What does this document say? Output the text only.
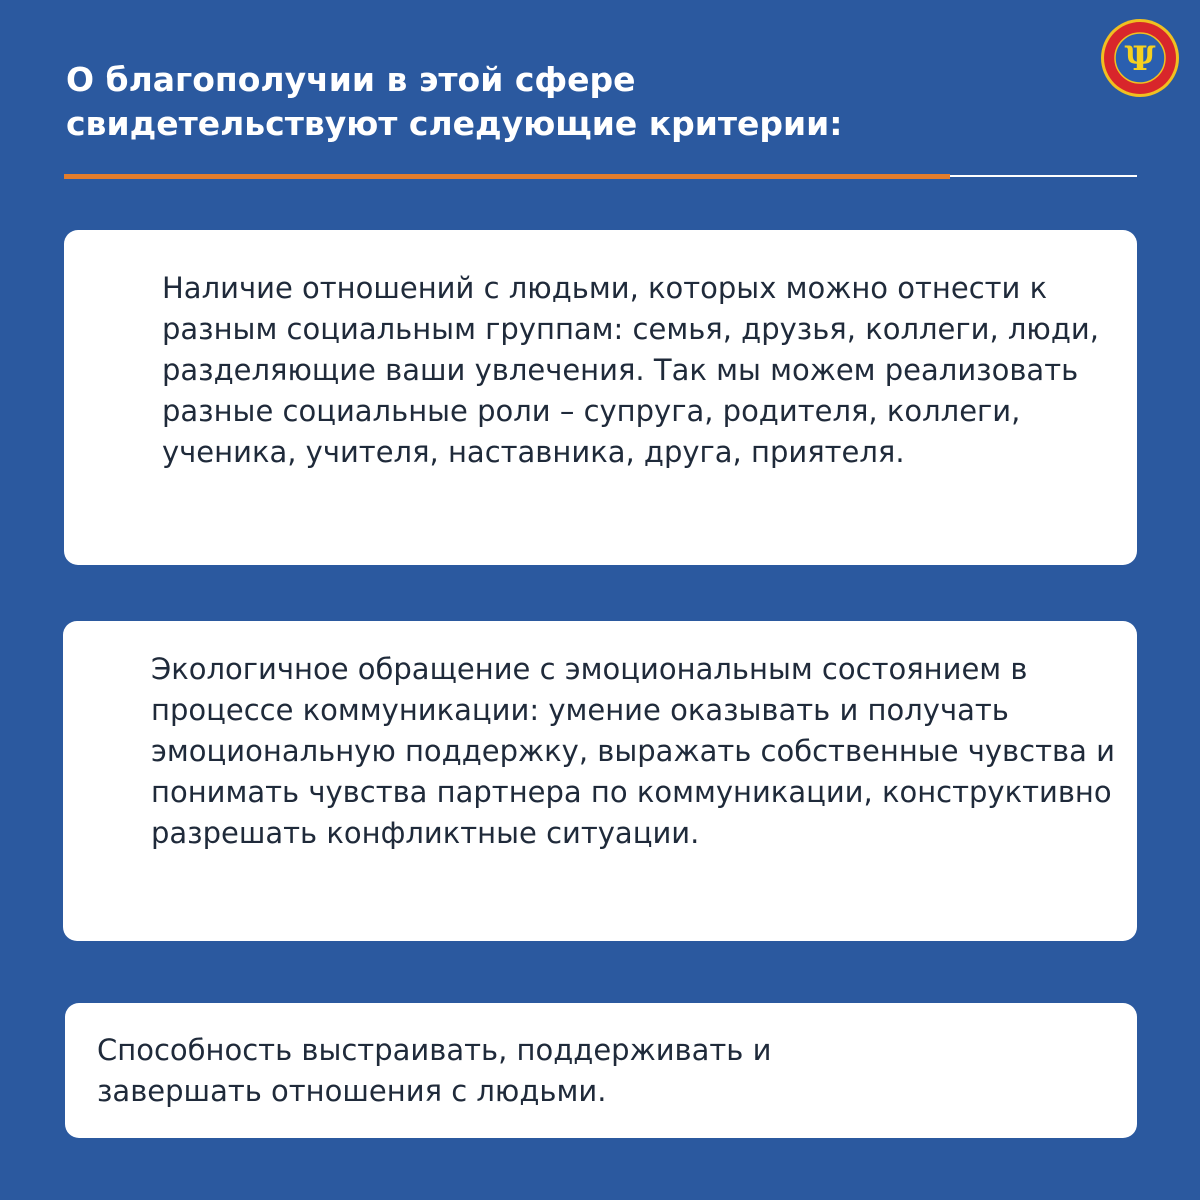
О благополучии в этой сфере
свидетельствуют следующие критерии:
Ψ

Наличие отношений с людьми, которых можно отнести к разным социальным группам: семья, друзья, коллеги, люди, разделяющие ваши увлечения. Так мы можем реализовать разные социальные роли – супруга, родителя, коллеги, ученика, учителя, наставника, друга, приятеля.

Экологичное обращение с эмоциональным состоянием в процессе коммуникации: умение оказывать и получать эмоциональную поддержку, выражать собственные чувства и понимать чувства партнера по коммуникации, конструктивно разрешать конфликтные ситуации.

Способность выстраивать, поддерживать и завершать отношения с людьми.
